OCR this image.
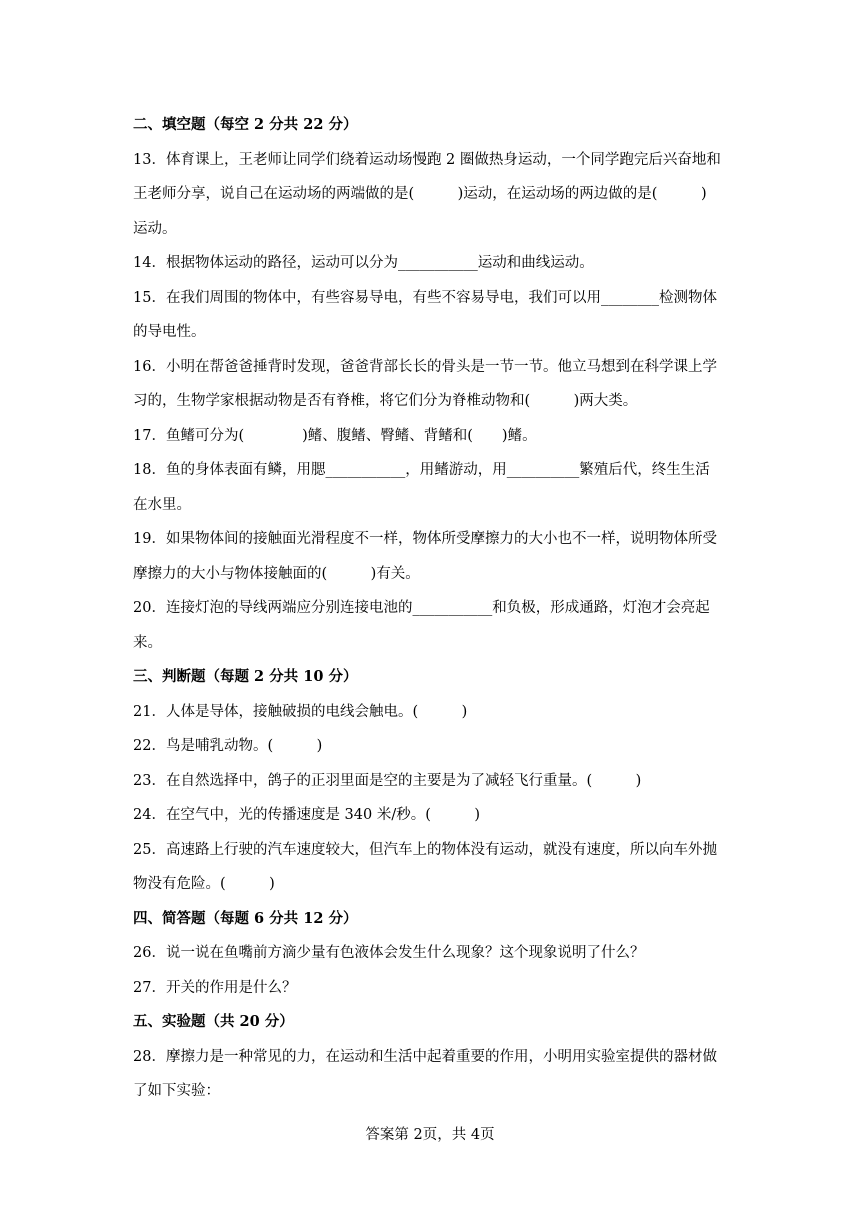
二、填空题（每空 2 分共 22 分）
13．体育课上，王老师让同学们绕着运动场慢跑 2 圈做热身运动，一个同学跑完后兴奋地和
王老师分享，说自己在运动场的两端做的是(　　　)运动，在运动场的两边做的是(　　　)
运动。
14．根据物体运动的路径，运动可以分为___________运动和曲线运动。
15．在我们周围的物体中，有些容易导电，有些不容易导电，我们可以用________检测物体
的导电性。
16．小明在帮爸爸捶背时发现，爸爸背部长长的骨头是一节一节。他立马想到在科学课上学
习的，生物学家根据动物是否有脊椎，将它们分为脊椎动物和(　　　)两大类。
17．鱼鳍可分为(　　　　)鳍、腹鳍、臀鳍、背鳍和(　　)鳍。
18．鱼的身体表面有鳞，用腮___________，用鳍游动，用__________繁殖后代，终生生活
在水里。
19．如果物体间的接触面光滑程度不一样，物体所受摩擦力的大小也不一样，说明物体所受
摩擦力的大小与物体接触面的(　　　)有关。
20．连接灯泡的导线两端应分别连接电池的___________和负极，形成通路，灯泡才会亮起
来。
三、判断题（每题 2 分共 10 分）
21．人体是导体，接触破损的电线会触电。(　　　)
22．鸟是哺乳动物。(　　　)
23．在自然选择中，鸽子的正羽里面是空的主要是为了减轻飞行重量。(　　　)
24．在空气中，光的传播速度是 340 米/秒。(　　　)
25．高速路上行驶的汽车速度较大，但汽车上的物体没有运动，就没有速度，所以向车外抛
物没有危险。(　　　)
四、简答题（每题 6 分共 12 分）
26．说一说在鱼嘴前方滴少量有色液体会发生什么现象？这个现象说明了什么？
27．开关的作用是什么？
五、实验题（共 20 分）
28．摩擦力是一种常见的力，在运动和生活中起着重要的作用，小明用实验室提供的器材做
了如下实验：
答案第 2页，共 4页
